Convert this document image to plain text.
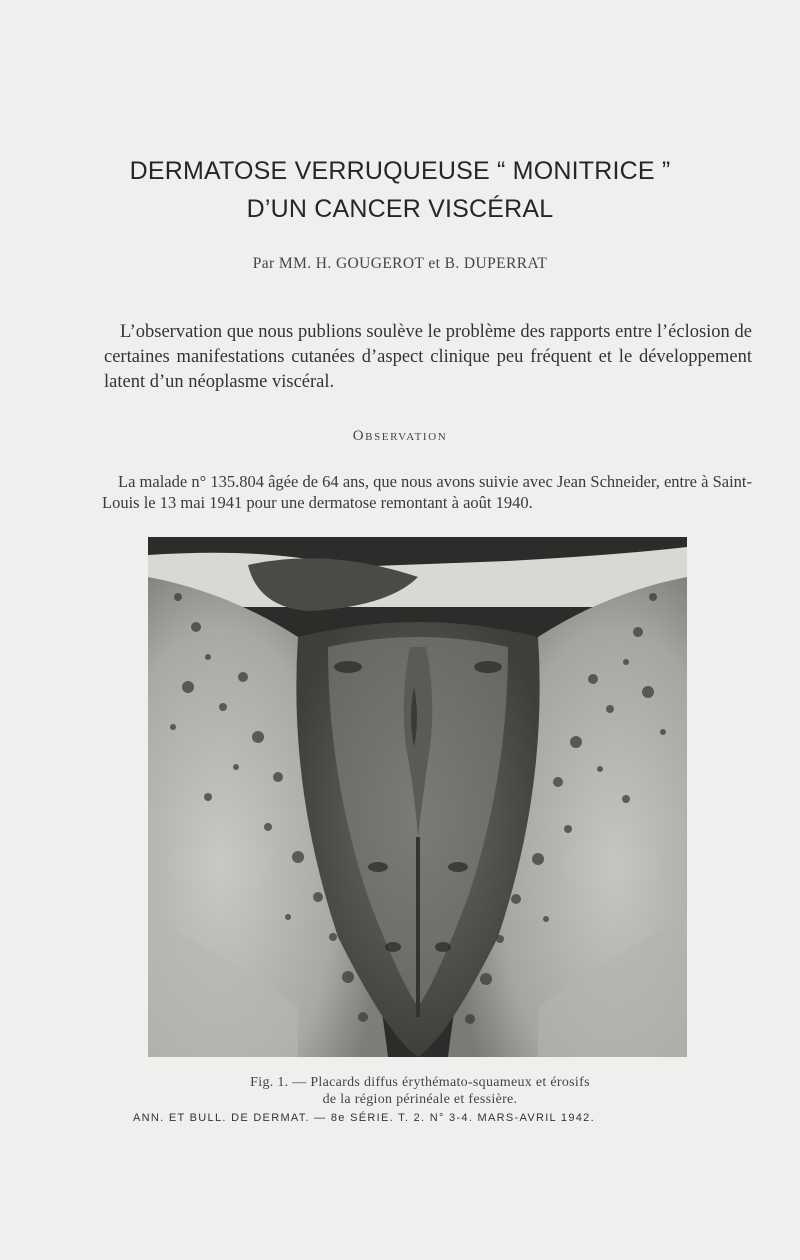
DERMATOSE VERRUQUEUSE “ MONITRICE ”
D’UN CANCER VISCÉRAL
Par MM. H. GOUGEROT et B. DUPERRAT

L’observation que nous publions soulève le problème des rapports entre l’éclosion de certaines manifestations cutanées d’aspect clinique peu fréquent et le développement latent d’un néoplasme viscéral.

Observation

La malade n° 135.804 âgée de 64 ans, que nous avons suivie avec Jean Schneider, entre à Saint-Louis le 13 mai 1941 pour une dermatose remontant à août 1940.

Fig. 1. — Placards diffus érythémato-squameux et érosifs
de la région périnéale et fessière.
ANN. ET BULL. DE DERMAT. — 8e SÉRIE. T. 2. N° 3-4. MARS-AVRIL 1942.
